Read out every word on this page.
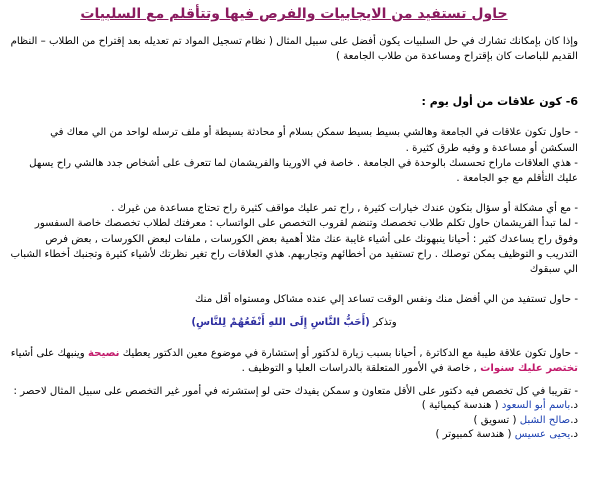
حاول تستفيد من الايجابيات والفرص فيها وتتأقلم مع السلبيات

وإذا كان بإمكانك تشارك في حل السلبيات يكون أفضل على سبيل المثال ( نظام تسجيل المواد تم تعديله بعد إقتراح من الطلاب – النظام القديم للباصات كان بإقتراح ومساعدة من طلاب الجامعة )

6- كون علاقات من أول يوم :

- حاول تكون علاقات في الجامعة وهالشي بسيط بسيط سمكن بسلام أو محادثة بسيطة أو ملف ترسله لواحد من الي معاك في السكشن أو مساعدة و وفيه طرق كثيرة .

- هذي العلاقات ماراح تحسسك بالوحدة في الجامعة . خاصة في الاورينا والفريشمان لما تتعرف على أشخاص جدد هالشي راح يسهل عليك التأقلم مع جو الجامعة .

- مع أي مشكلة أو سؤال بتكون عندك خيارات كثيرة , راح تمر عليك مواقف كثيرة راح تحتاج مساعدة من غيرك .

- لما تبدأ الفريشمان حاول تكلم طلاب تخصصك وتنضم لقروب التخصص على الواتساب : معرفتك لطلاب تخصصك خاصة السفسور وفوق راح يساعدك كثير : أحيانا ينبهونك على أشياء غايبة عنك مثلا أهمية بعض الكورسات , ملفات لبعض الكورسات , بعض فرص التدريب و التوظيف يمكن توصلك . راح تستفيد من أخطائهم وتجاربهم. هذي العلاقات راح تغير نظرتك لأشياء كثيرة وتجنبك أخطاء الشباب الي سبقوك

- حاول تستفيد من الي أفضل منك ونفس الوقت تساعد إلي عنده مشاكل ومستواه أقل منك

وتذكر (أَحَبُّ النَّاسِ إِلَى اللهِ أَنْفَعُهُمْ لِلنَّاسِ)

- حاول تكون علاقة طيبة مع الدكاترة , أحيانا بسبب زيارة لدكتور أو إستشارة في موضوع معين الدكتور يعطيك نصيحة وينبهك على أشياء تختصر عليك سنوات , خاصة في الأمور المتعلقة بالدراسات العليا و التوظيف .

- تقريبا في كل تخصص فيه دكتور على الأقل متعاون و سمكن يفيدك حتى لو إستشرته في أمور غير التخصص على سبيل المثال لاحصر :

د.باسم أبو السعود ( هندسة كيميائية )
د.صالح الشبل ( تسويق )
د.يحيى عسيس ( هندسة كمبيوتر )
